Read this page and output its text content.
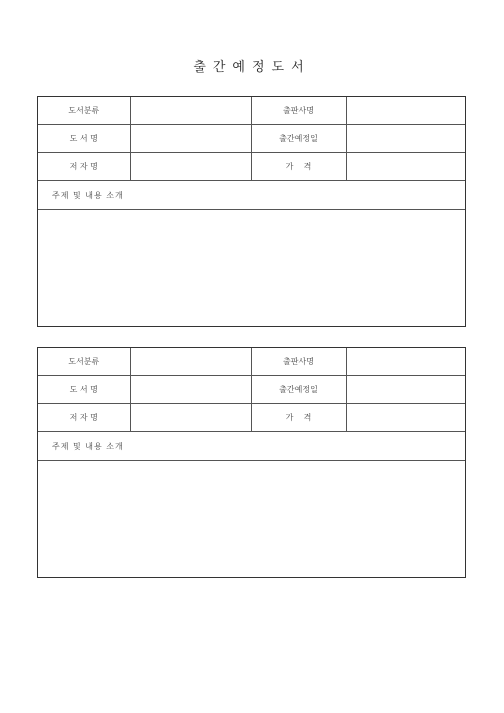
출간예정도서
도서분류		출판사명	
도 서 명		출간예정일	
저 자 명		가    격	
주제 및 내용 소개
도서분류		출판사명	
도 서 명		출간예정일	
저 자 명		가    격	
주제 및 내용 소개
